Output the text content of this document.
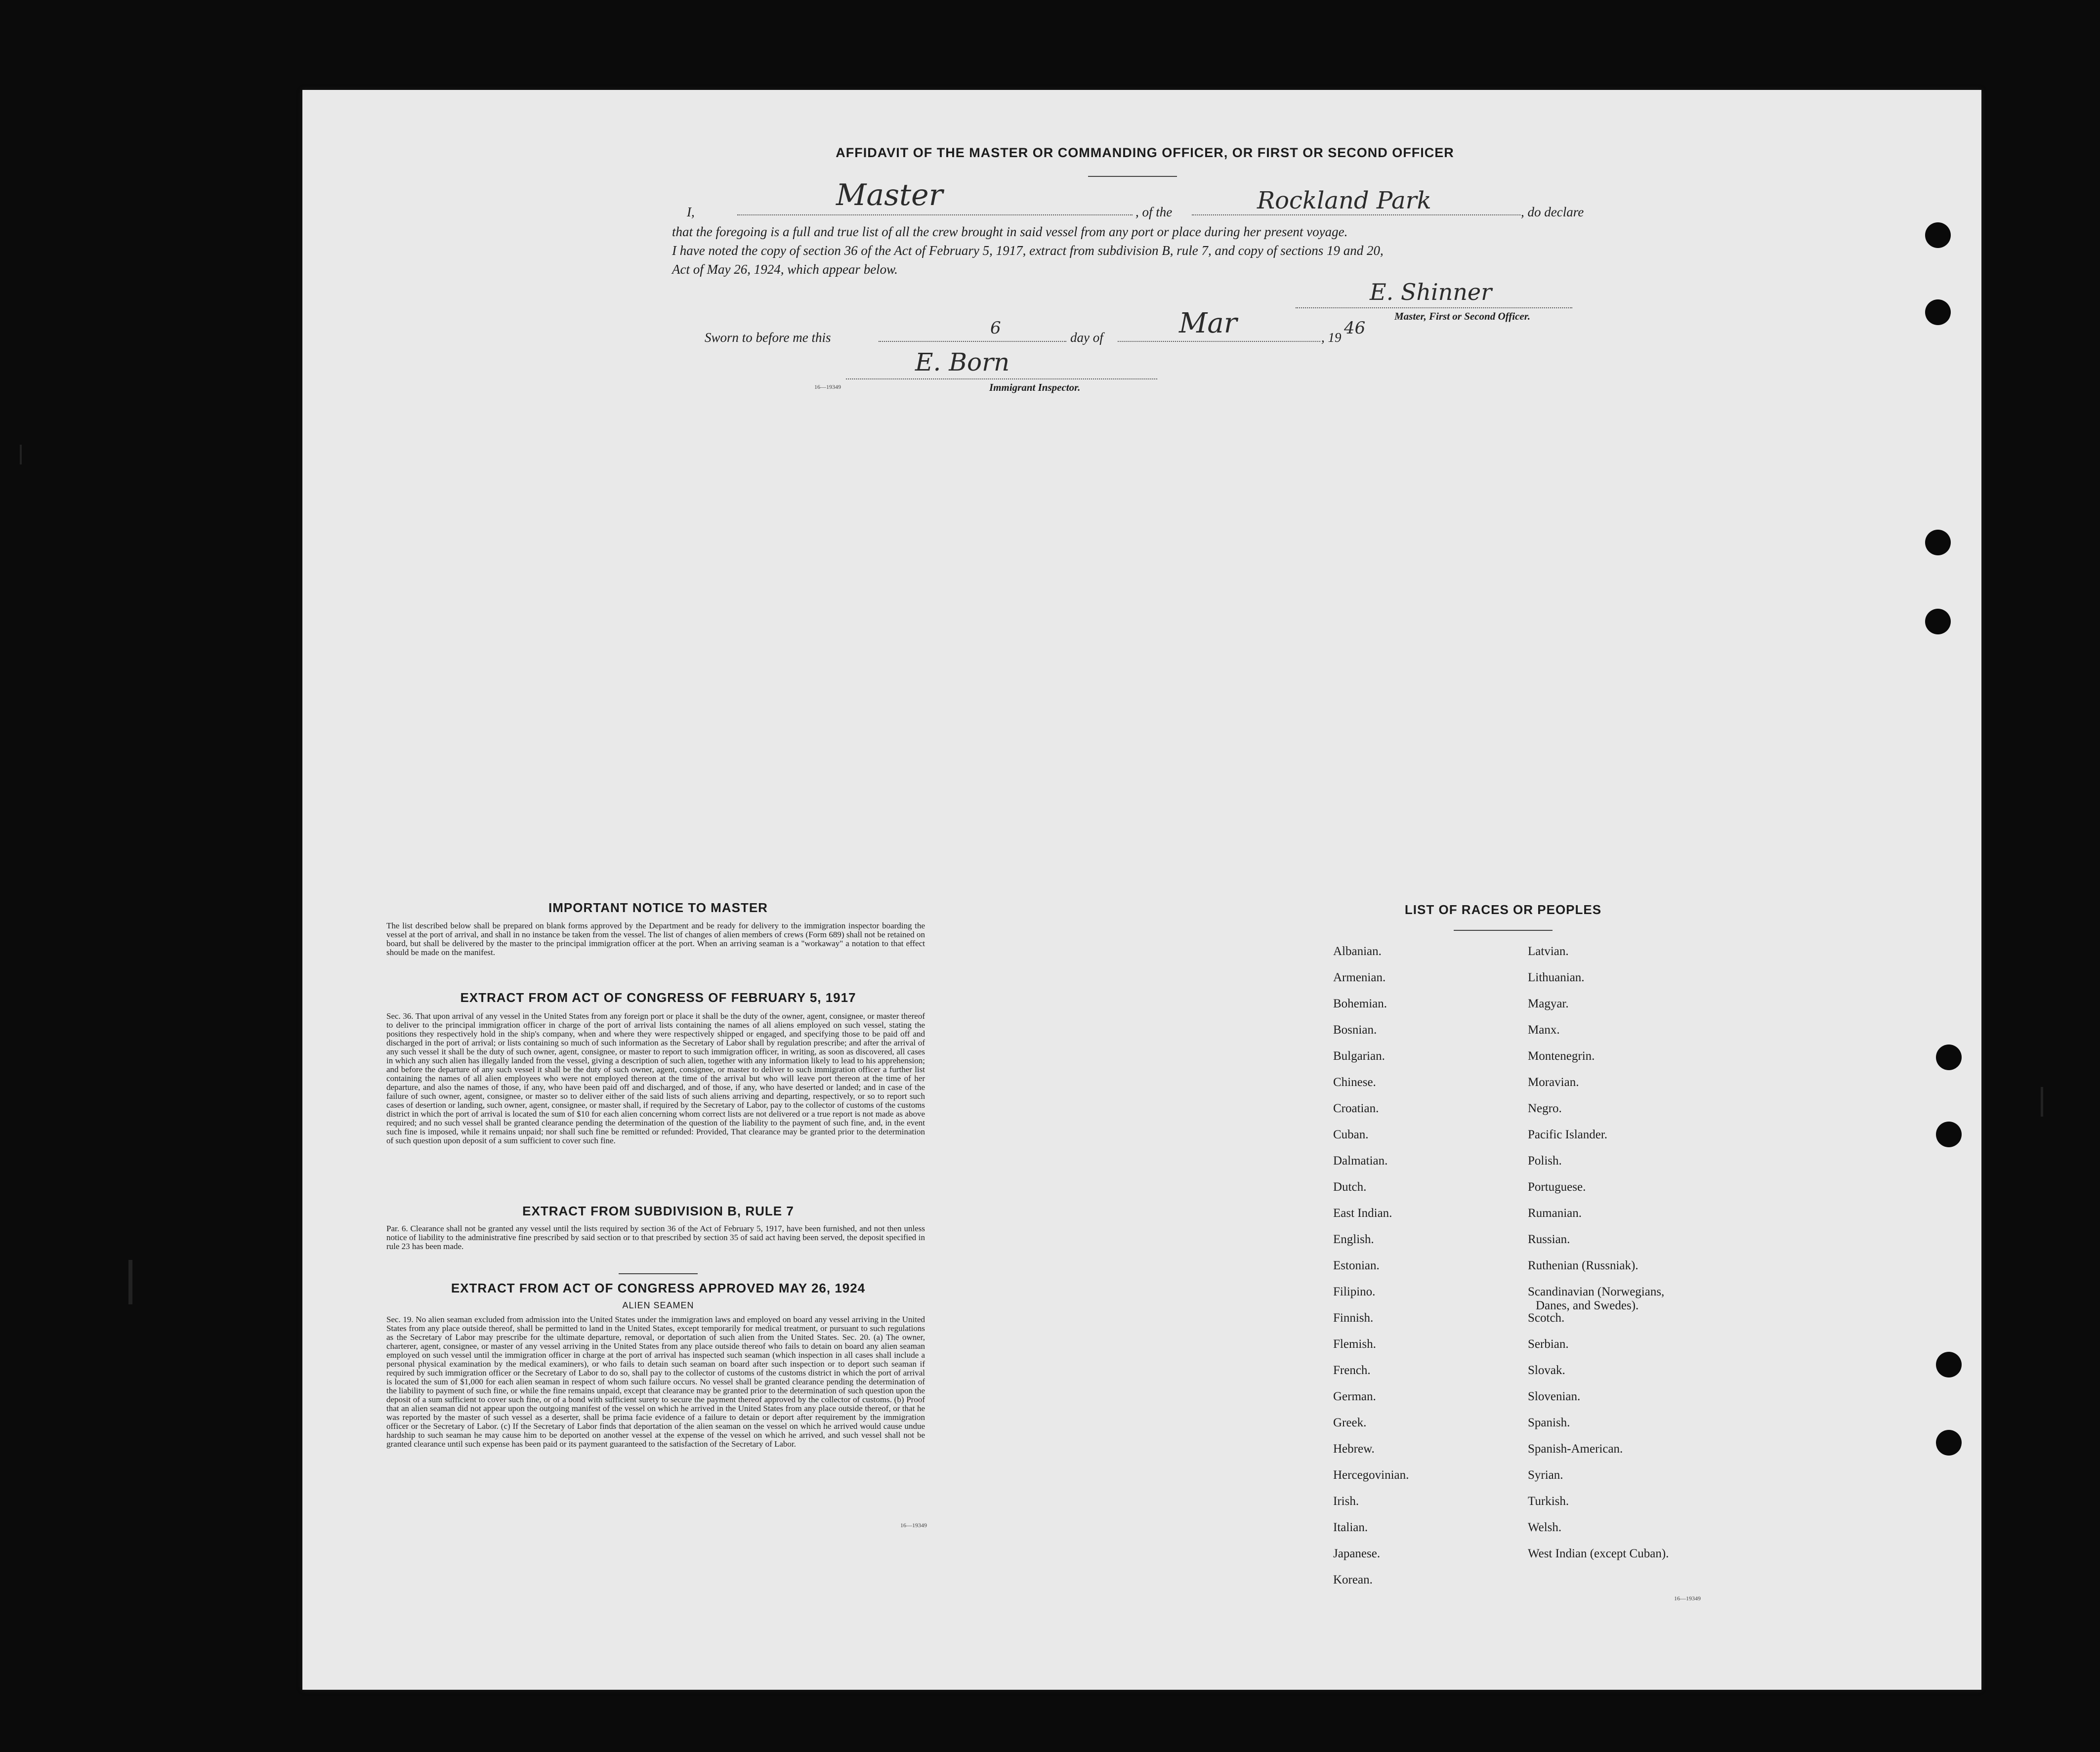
AFFIDAVIT OF THE MASTER OR COMMANDING OFFICER, OR FIRST OR SECOND OFFICER
I,	Master	, of the	Rockland Park	, do declare
that the foregoing is a full and true list of all the crew brought in said vessel from any port or place during her present voyage.
I have noted the copy of section 36 of the Act of February 5, 1917, extract from subdivision B, rule 7, and copy of sections 19 and 20,
Act of May 26, 1924, which appear below.
E. Shinner
Master, First or Second Officer.
Sworn to before me this	6	day of	Mar	, 19 46
E. Born
16—19349	Immigrant Inspector.
IMPORTANT NOTICE TO MASTER
The list described below shall be prepared on blank forms approved by the Department and be ready for delivery to the immigration inspector boarding the vessel at the port of arrival, and shall in no instance be taken from the vessel. The list of changes of alien members of crews (Form 689) shall not be retained on board, but shall be delivered by the master to the principal immigration officer at the port. When an arriving seaman is a "workaway" a notation to that effect should be made on the manifest.
EXTRACT FROM ACT OF CONGRESS OF FEBRUARY 5, 1917
Sec. 36. That upon arrival of any vessel in the United States from any foreign port or place it shall be the duty of the owner, agent, consignee, or master thereof to deliver to the principal immigration officer in charge of the port of arrival lists containing the names of all aliens employed on such vessel, stating the positions they respectively hold in the ship's company, when and where they were respectively shipped or engaged, and specifying those to be paid off and discharged in the port of arrival; or lists containing so much of such information as the Secretary of Labor shall by regulation prescribe; and after the arrival of any such vessel it shall be the duty of such owner, agent, consignee, or master to report to such immigration officer, in writing, as soon as discovered, all cases in which any such alien has illegally landed from the vessel, giving a description of such alien, together with any information likely to lead to his apprehension; and before the departure of any such vessel it shall be the duty of such owner, agent, consignee, or master to deliver to such immigration officer a further list containing the names of all alien employees who were not employed thereon at the time of the arrival but who will leave port thereon at the time of her departure, and also the names of those, if any, who have been paid off and discharged, and of those, if any, who have deserted or landed; and in case of the failure of such owner, agent, consignee, or master so to deliver either of the said lists of such aliens arriving and departing, respectively, or so to report such cases of desertion or landing, such owner, agent, consignee, or master shall, if required by the Secretary of Labor, pay to the collector of customs of the customs district in which the port of arrival is located the sum of $10 for each alien concerning whom correct lists are not delivered or a true report is not made as above required; and no such vessel shall be granted clearance pending the determination of the question of the liability to the payment of such fine, and, in the event such fine is imposed, while it remains unpaid; nor shall such fine be remitted or refunded: Provided, That clearance may be granted prior to the determination of such question upon deposit of a sum sufficient to cover such fine.
EXTRACT FROM SUBDIVISION B, RULE 7
Par. 6. Clearance shall not be granted any vessel until the lists required by section 36 of the Act of February 5, 1917, have been furnished, and not then unless notice of liability to the administrative fine prescribed by said section or to that prescribed by section 35 of said act having been served, the deposit specified in rule 23 has been made.
EXTRACT FROM ACT OF CONGRESS APPROVED MAY 26, 1924
ALIEN SEAMEN
Sec. 19. No alien seaman excluded from admission into the United States under the immigration laws and employed on board any vessel arriving in the United States from any place outside thereof, shall be permitted to land in the United States, except temporarily for medical treatment, or pursuant to such regulations as the Secretary of Labor may prescribe for the ultimate departure, removal, or deportation of such alien from the United States. Sec. 20. (a) The owner, charterer, agent, consignee, or master of any vessel arriving in the United States from any place outside thereof who fails to detain on board any alien seaman employed on such vessel until the immigration officer in charge at the port of arrival has inspected such seaman (which inspection in all cases shall include a personal physical examination by the medical examiners), or who fails to detain such seaman on board after such inspection or to deport such seaman if required by such immigration officer or the Secretary of Labor to do so, shall pay to the collector of customs of the customs district in which the port of arrival is located the sum of $1,000 for each alien seaman in respect of whom such failure occurs. No vessel shall be granted clearance pending the determination of the liability to payment of such fine, or while the fine remains unpaid, except that clearance may be granted prior to the determination of such question upon the deposit of a sum sufficient to cover such fine, or of a bond with sufficient surety to secure the payment thereof approved by the collector of customs. (b) Proof that an alien seaman did not appear upon the outgoing manifest of the vessel on which he arrived in the United States from any place outside thereof, or that he was reported by the master of such vessel as a deserter, shall be prima facie evidence of a failure to detain or deport after requirement by the immigration officer or the Secretary of Labor. (c) If the Secretary of Labor finds that deportation of the alien seaman on the vessel on which he arrived would cause undue hardship to such seaman he may cause him to be deported on another vessel at the expense of the vessel on which he arrived, and such vessel shall not be granted clearance until such expense has been paid or its payment guaranteed to the satisfaction of the Secretary of Labor.
16—19349
LIST OF RACES OR PEOPLES
16—19349
Albanian.
Armenian.
Bohemian.
Bosnian.
Bulgarian.
Chinese.
Croatian.
Cuban.
Dalmatian.
Dutch.
East Indian.
English.
Estonian.
Filipino.
Finnish.
Flemish.
French.
German.
Greek.
Hebrew.
Hercegovinian.
Irish.
Italian.
Japanese.
Korean.
Latvian.
Lithuanian.
Magyar.
Manx.
Montenegrin.
Moravian.
Negro.
Pacific Islander.
Polish.
Portuguese.
Rumanian.
Russian.
Ruthenian (Russniak).
Scandinavian (Norwegians,
Danes, and Swedes).
Scotch.
Serbian.
Slovak.
Slovenian.
Spanish.
Spanish-American.
Syrian.
Turkish.
Welsh.
West Indian (except Cuban).
